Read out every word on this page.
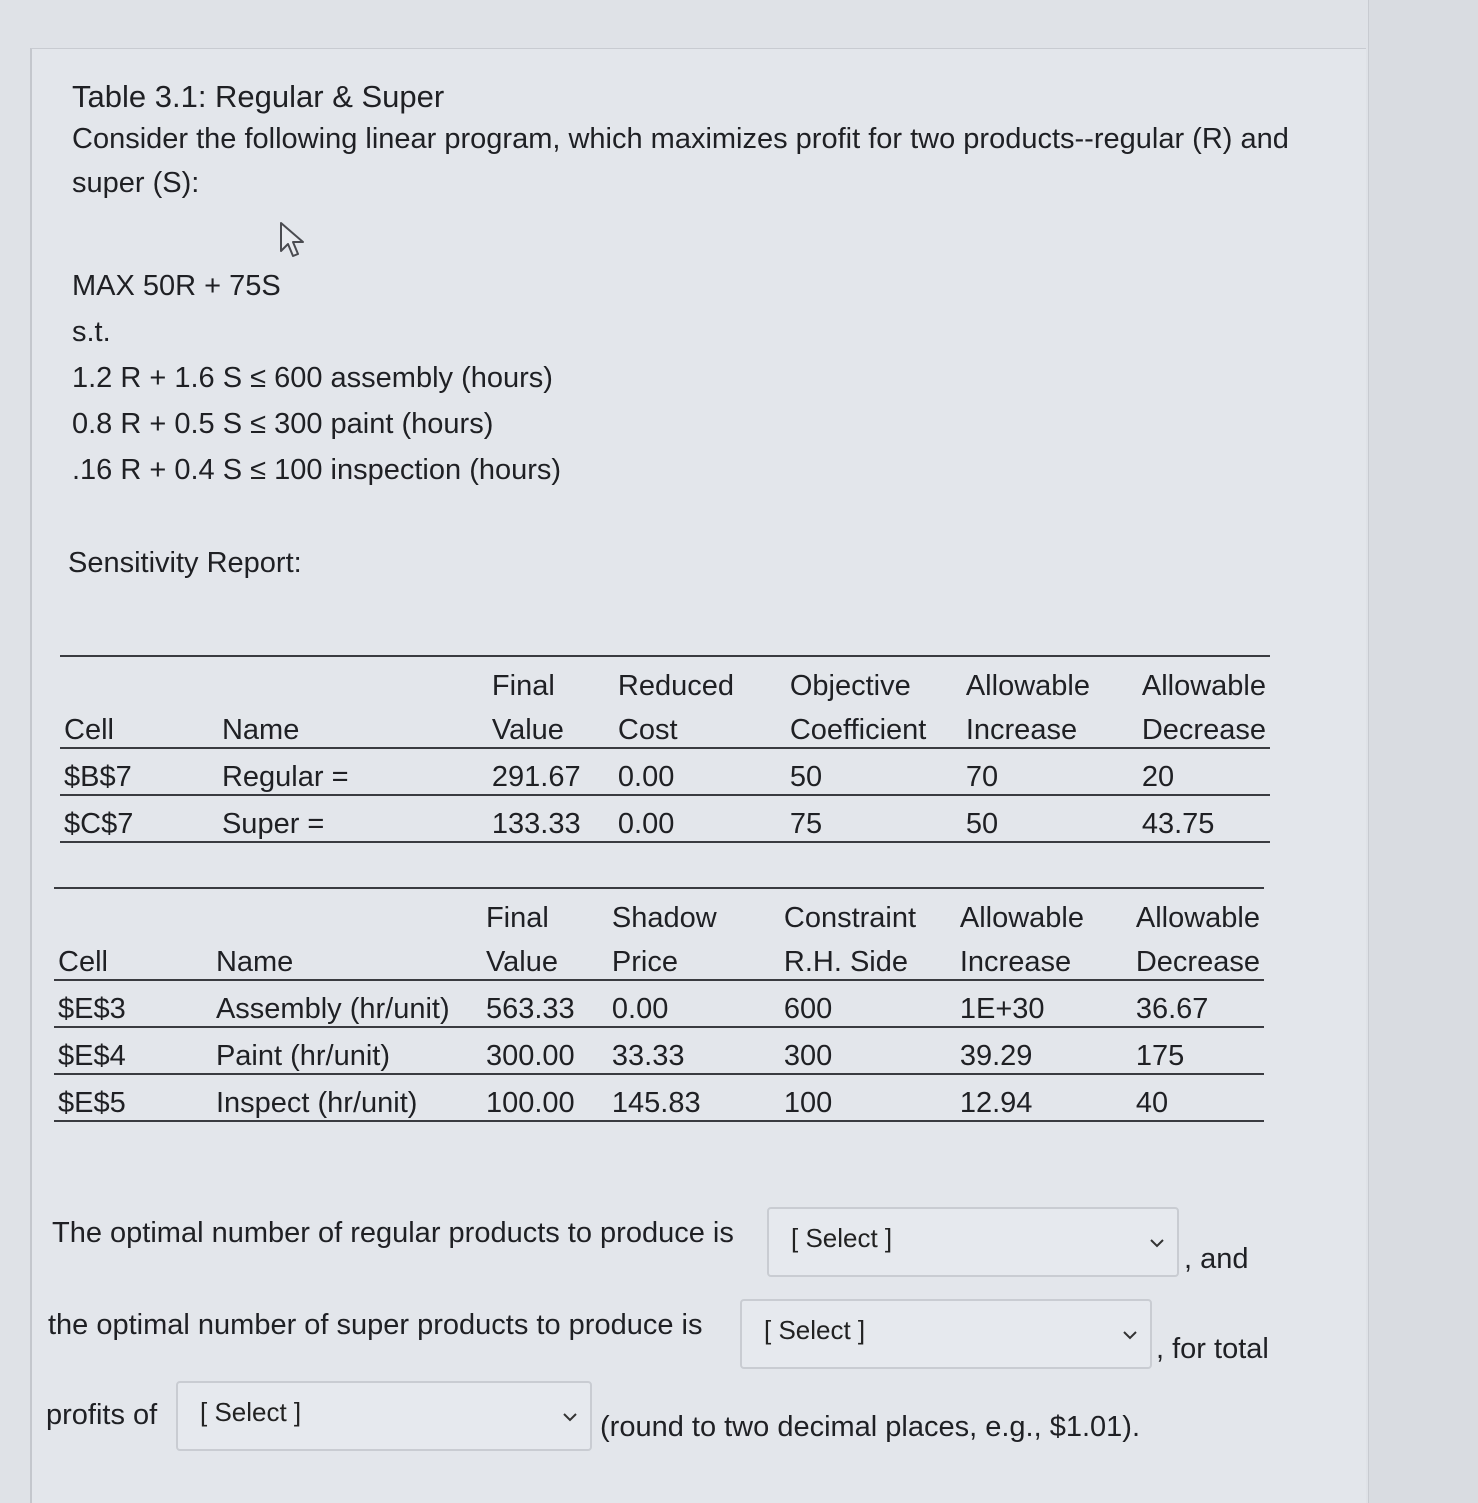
Table 3.1: Regular & Super
Consider the following linear program, which maximizes profit for two products--regular (R) and super (S):
MAX 50R + 75S
s.t.
1.2 R + 1.6 S ≤ 600 assembly (hours)
0.8 R + 0.5 S ≤ 300 paint (hours)
.16 R + 0.4 S ≤ 100 inspection (hours)
Sensitivity Report:
		Final	Reduced	Objective	Allowable	Allowable
Cell	Name	Value	Cost	Coefficient	Increase	Decrease
$B$7	Regular =	291.67	0.00	50	70	20
$C$7	Super =	133.33	0.00	75	50	43.75
		Final	Shadow	Constraint	Allowable	Allowable
Cell	Name	Value	Price	R.H. Side	Increase	Decrease
$E$3	Assembly (hr/unit)	563.33	0.00	600	1E+30	36.67
$E$4	Paint (hr/unit)	300.00	33.33	300	39.29	175
$E$5	Inspect (hr/unit)	100.00	145.83	100	12.94	40
The optimal number of regular products to produce is [ Select ]
, and
the optimal number of super products to produce is [ Select ]
, for total
profits of [ Select ]	(round to two decimal places, e.g., $1.01).
